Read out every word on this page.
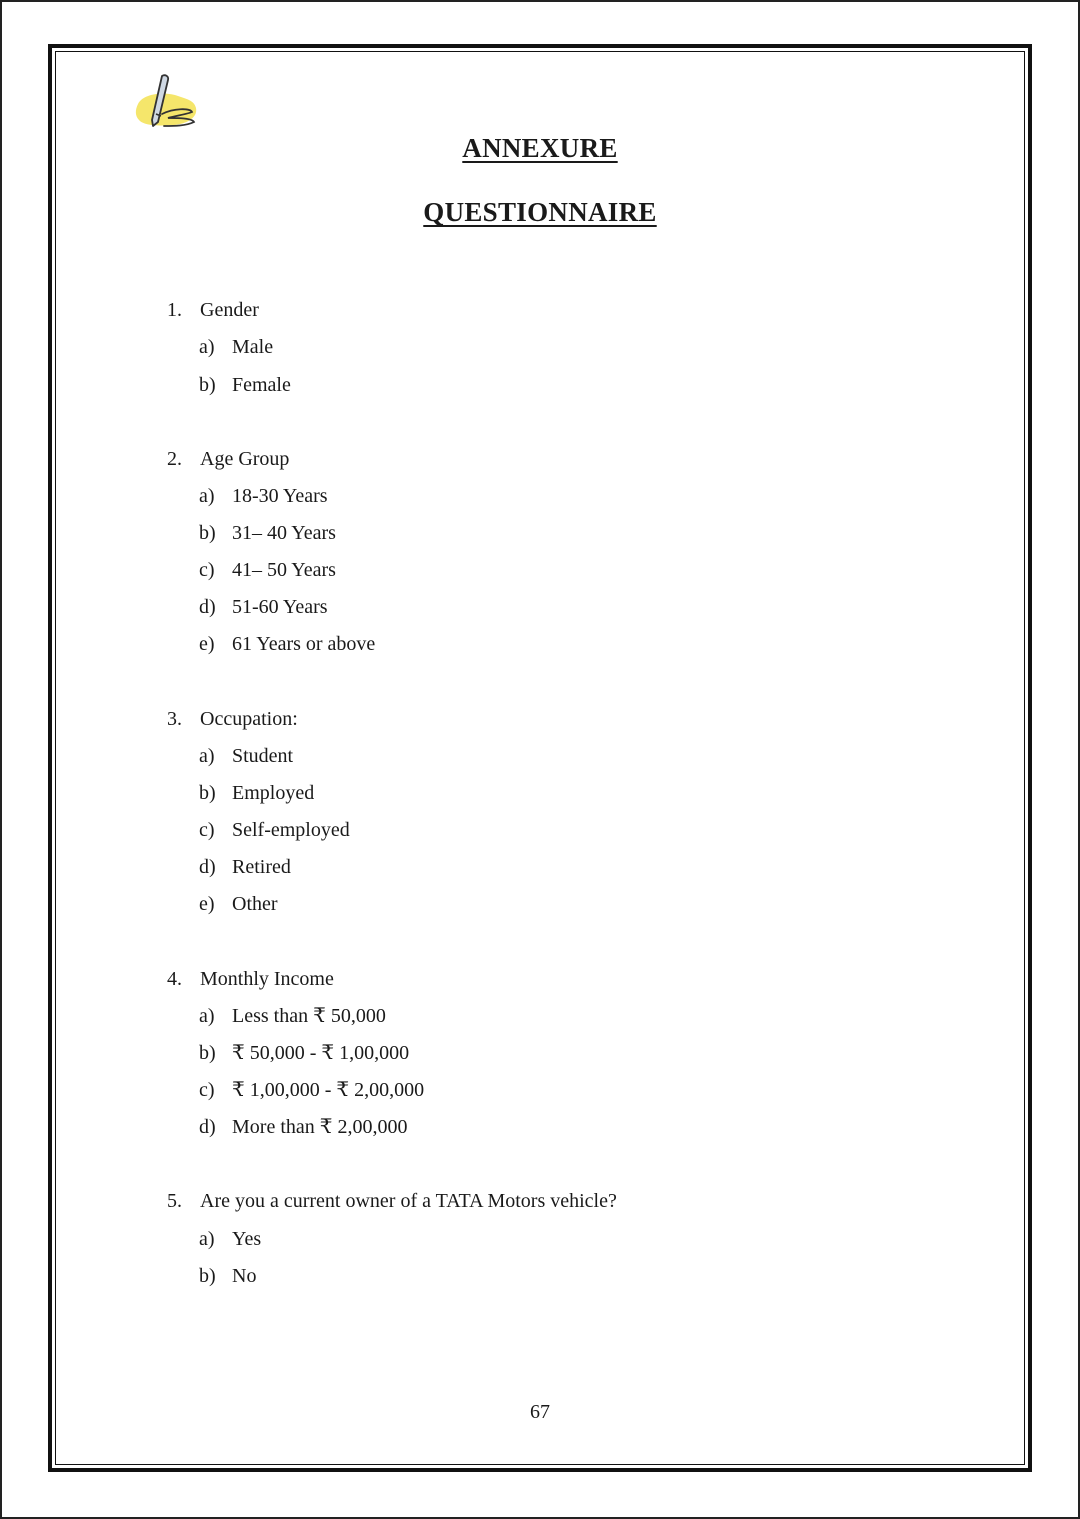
ANNEXURE
QUESTIONNAIRE
1. Gender
a) Male
b) Female
2. Age Group
a) 18-30 Years
b) 31– 40 Years
c) 41– 50 Years
d) 51-60 Years
e) 61 Years or above
3. Occupation:
a) Student
b) Employed
c) Self-employed
d) Retired
e) Other
4. Monthly Income
a) Less than ₹ 50,000
b) ₹ 50,000 - ₹ 1,00,000
c) ₹ 1,00,000 - ₹ 2,00,000
d) More than ₹ 2,00,000
5. Are you a current owner of a TATA Motors vehicle?
a) Yes
b) No
67
